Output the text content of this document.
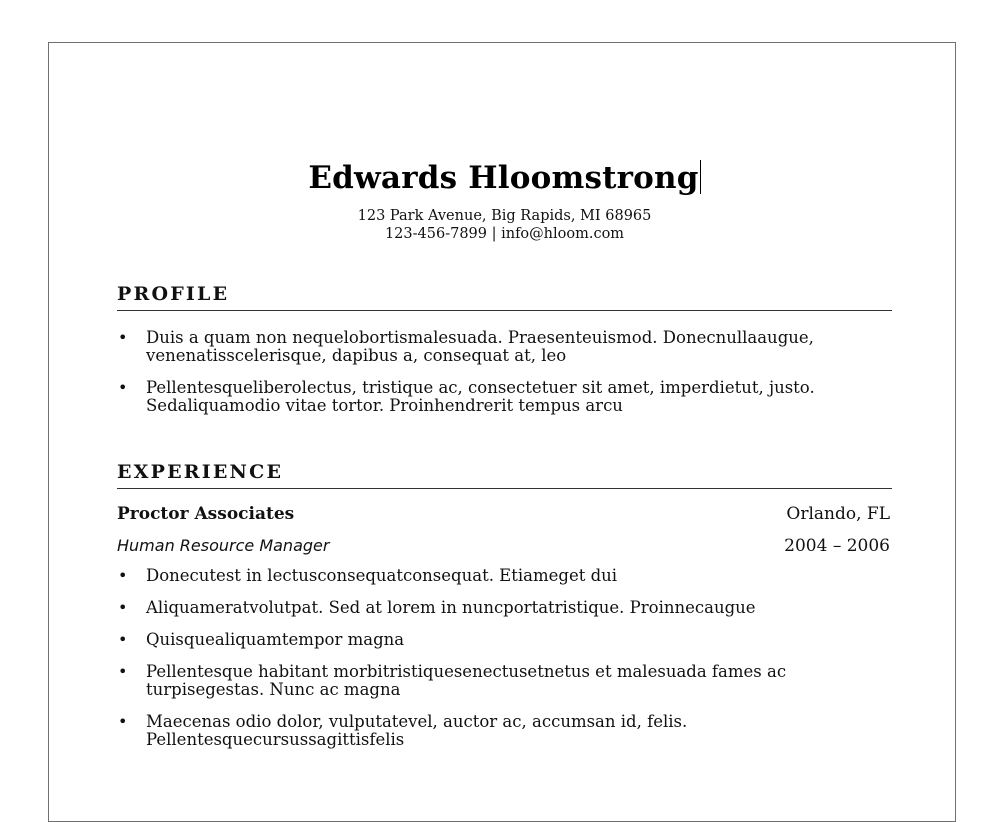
Edwards Hloomstrong
123 Park Avenue, Big Rapids, MI 68965
123-456-7899 | info@hloom.com
PROFILE
• Duis a quam non nequelobortismalesuada. Praesenteuismod. Donecnullaaugue, venenatisscelerisque, dapibus a, consequat at, leo
• Pellentesqueliberolectus, tristique ac, consectetuer sit amet, imperdietut, justo. Sedaliquamodio vitae tortor. Proinhendrerit tempus arcu
EXPERIENCE
Proctor Associates	Orlando, FL
Human Resource Manager	2004 – 2006
• Donecutest in lectusconsequatconsequat. Etiameget dui
• Aliquameratvolutpat. Sed at lorem in nuncportatristique. Proinnecaugue
• Quisquealiquamtempor magna
• Pellentesque habitant morbitristiquesenectusetnetus et malesuada fames ac turpisegestas. Nunc ac magna
• Maecenas odio dolor, vulputatevel, auctor ac, accumsan id, felis. Pellentesquecursussagittisfelis
